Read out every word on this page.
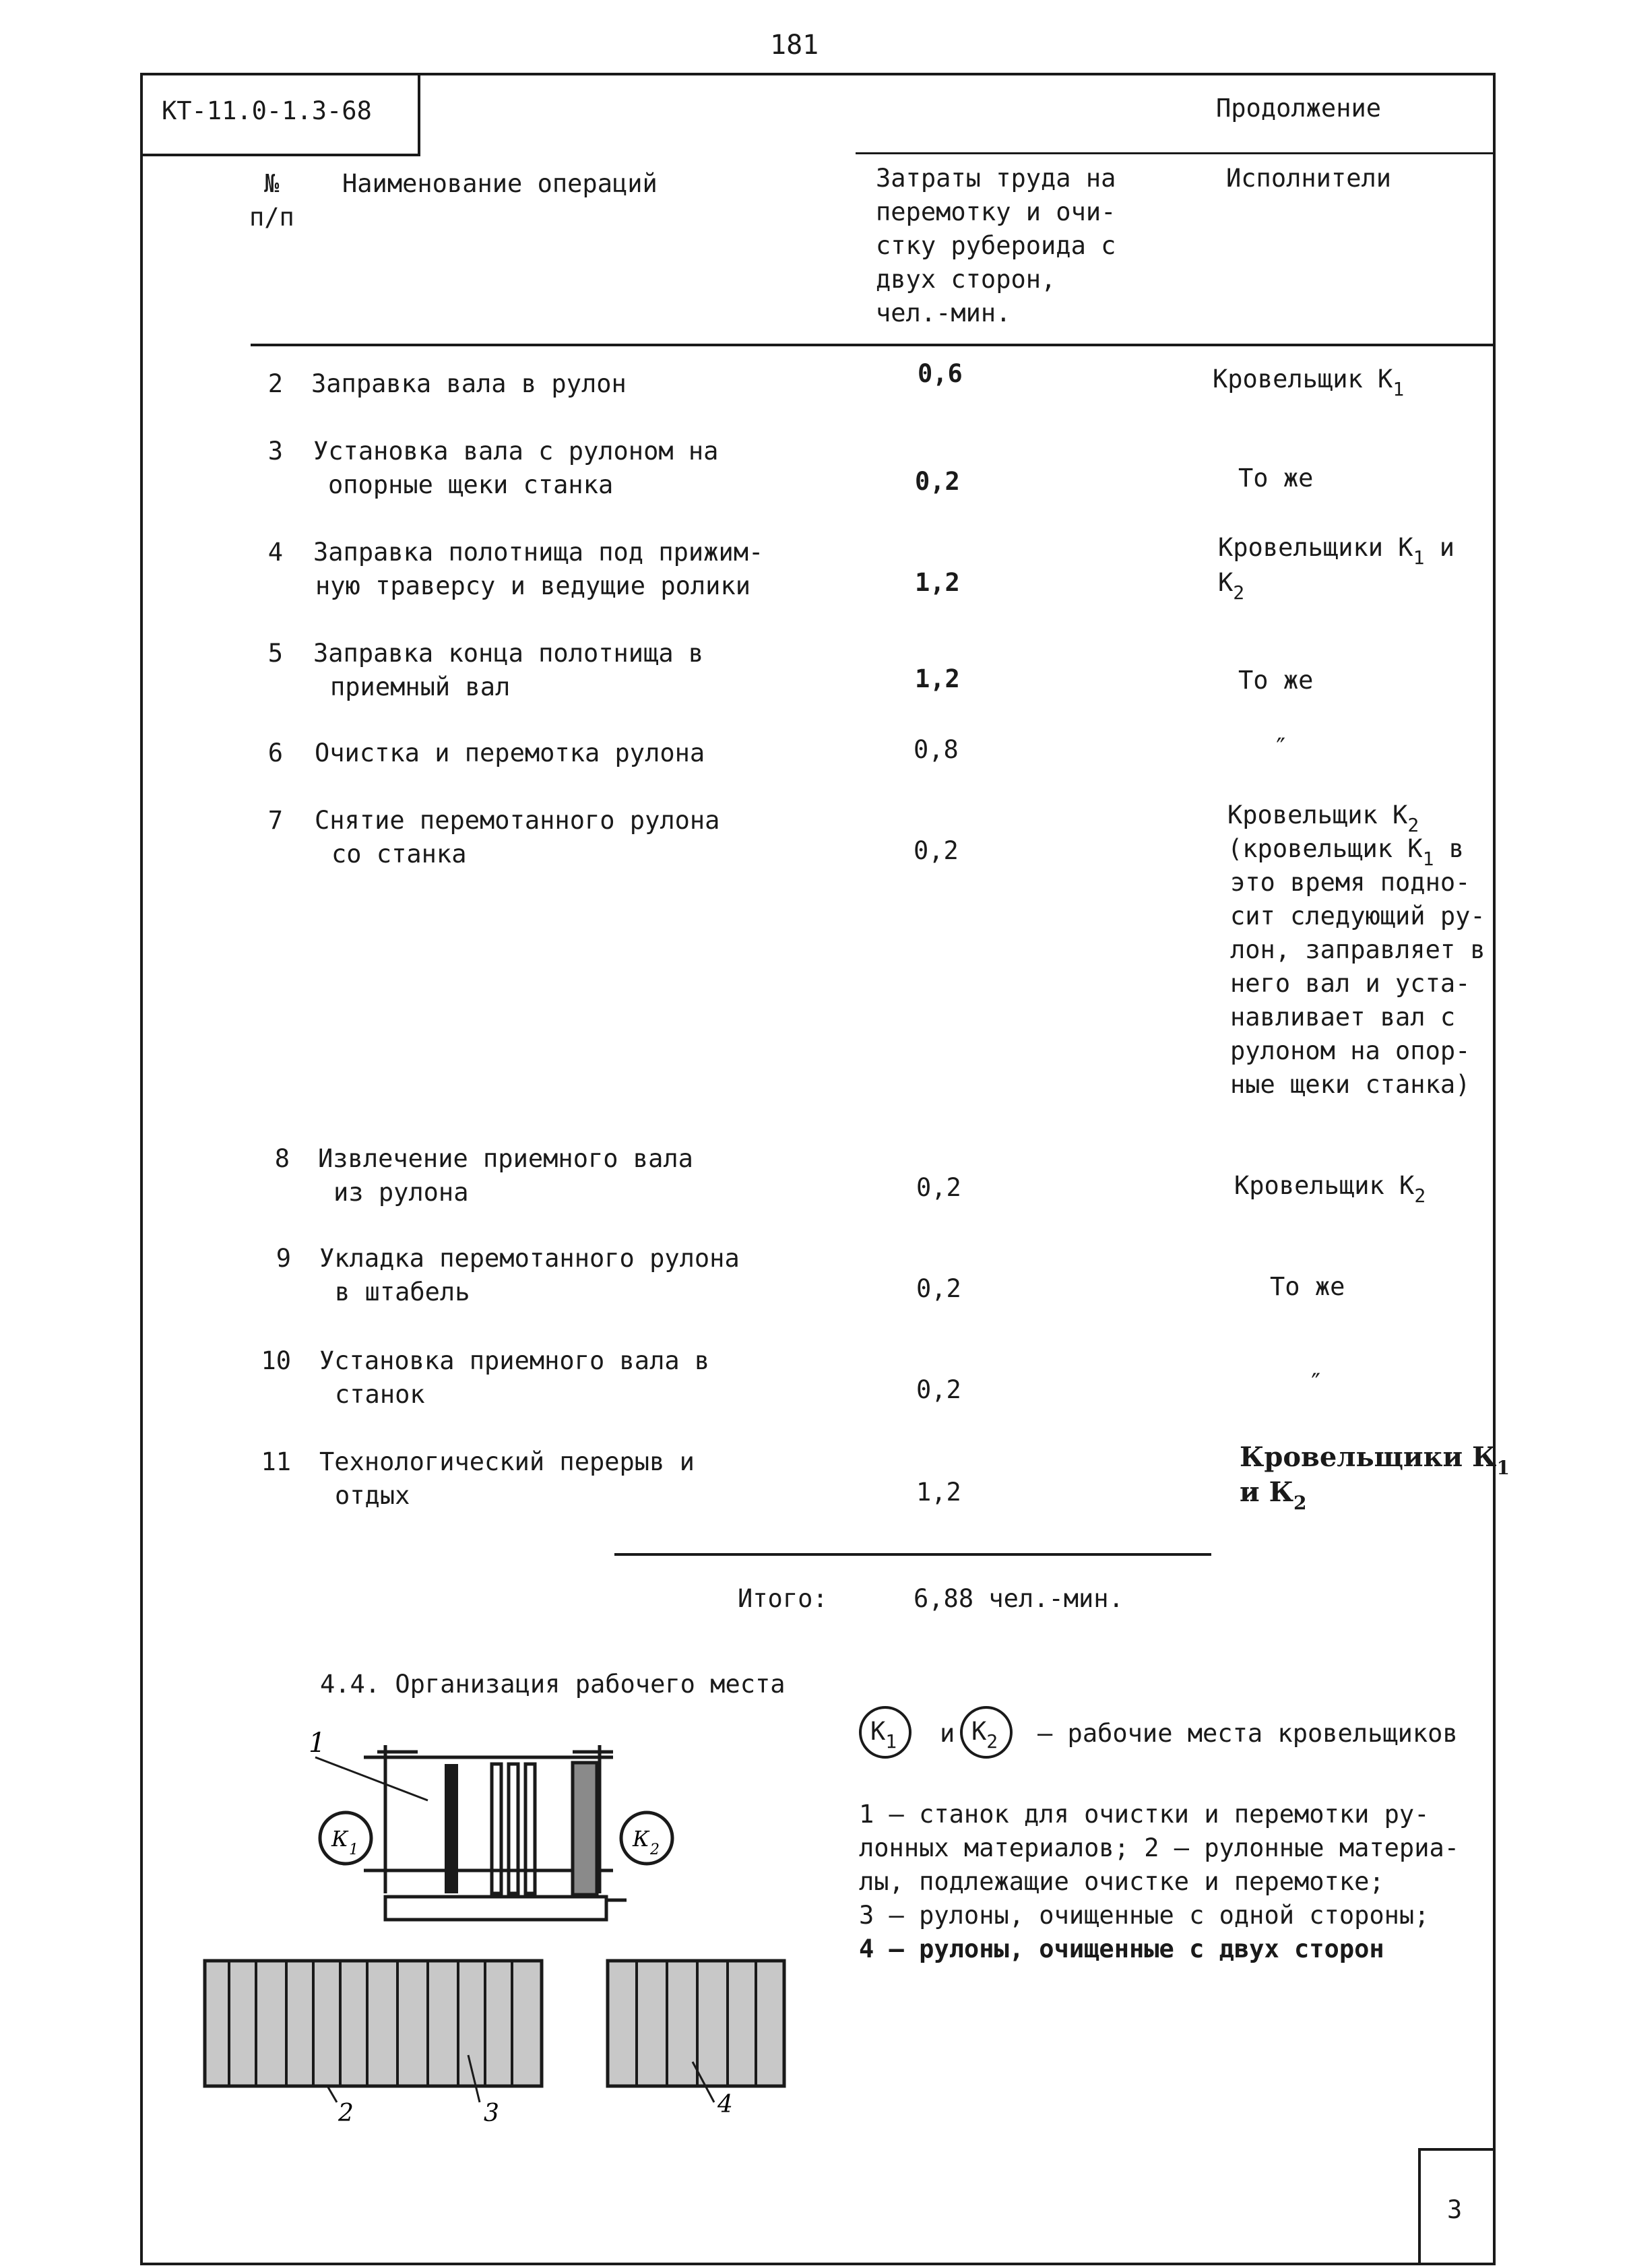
181
КТ-11.0-1.3-68	Продолжение
№
п/п
Наименование операций	Затраты труда на
перемотку и очи-
стку рубероида с
двух сторон,
чел.-мин.
Исполнители
2 Заправка вала в рулон	0,6	Кровельщик $К_1$
3 Установка вала с рулоном на
опорные щеки станка	0,2	То же
4 Заправка полотнища под прижим-
ную траверсу и ведущие ролики	1,2
Кровельщики $К_1$ и
$К_2$
5 Заправка конца полотнища в
приемный вал	1,2	То же
6 Очистка и перемотка рулона	0,8	″
7 Снятие перемотанного рулона
со станка	0,2
Кровельщик $К_2$
(кровельщик $К_1$ в
это время подно-
сит следующий ру-
лон, заправляет в
него вал и уста-
навливает вал с
рулоном на опор-
ные щеки станка)
8 Извлечение приемного вала
из рулона	0,2	Кровельщик $К_2$
9 Укладка перемотанного рулона
в штабель	0,2	То же
10 Установка приемного вала в
станок	0,2	″
11 Технологический перерыв и
отдых	1,2
Кровельщики $К_1$
и $К_2$
Итого:	6,88 чел.-мин.
4.4. Организация рабочего места
$К_1$ и $К_2$ – рабочие места кровельщиков
1 – станок для очистки и перемотки ру-
лонных материалов; 2 – рулонные материа-
лы, подлежащие очистке и перемотке;
3 – рулоны, очищенные с одной стороны;
4 – рулоны, очищенные с двух сторон
1
К 1	К 2
2	3	4
3
